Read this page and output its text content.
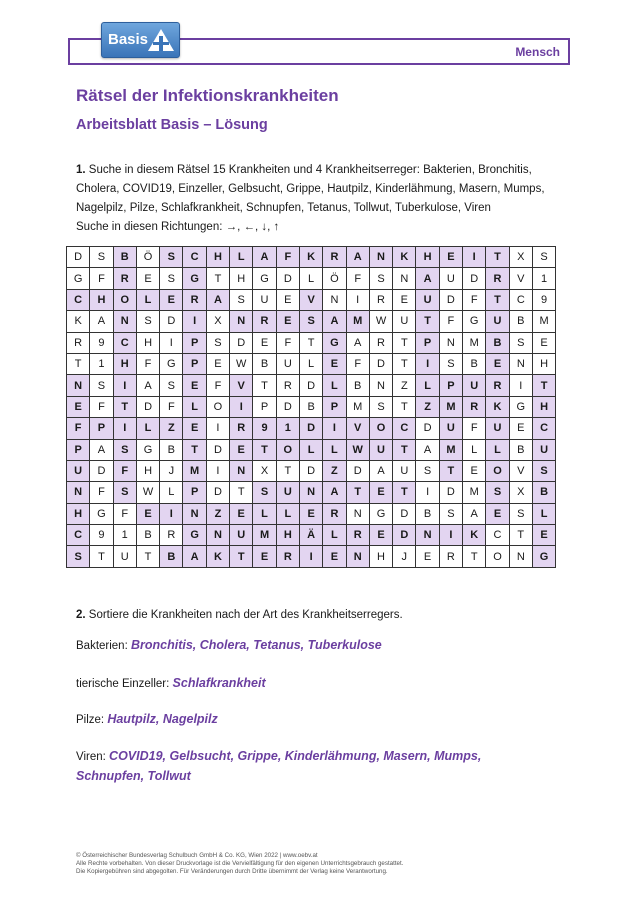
Mensch
Basis
Rätsel der Infektionskrankheiten
Arbeitsblatt Basis – Lösung
1. Suche in diesem Rätsel 15 Krankheiten und 4 Krankheitserreger: Bakterien, Bronchitis, Cholera, COVID19, Einzeller, Gelbsucht, Grippe, Hautpilz, Kinderlähmung, Masern, Mumps, Nagelpilz, Pilze, Schlafkrankheit, Schnupfen, Tetanus, Tollwut, Tuberkulose, Viren
Suche in diesen Richtungen: →, ←, ↓, ↑
D	S	B	Ö	S	C	H	L	A	F	K	R	A	N	K	H	E	I	T	X	S
G	F	R	E	S	G	T	H	G	D	L	Ö	F	S	N	A	U	D	R	V	1
C	H	O	L	E	R	A	S	U	E	V	N	I	R	E	U	D	F	T	C	9
K	A	N	S	D	I	X	N	R	E	S	A	M	W	U	T	F	G	U	B	M
R	9	C	H	I	P	S	D	E	F	T	G	A	R	T	P	N	M	B	S	E
T	1	H	F	G	P	E	W	B	U	L	E	F	D	T	I	S	B	E	N	H
N	S	I	A	S	E	F	V	T	R	D	L	B	N	Z	L	P	U	R	I	T
E	F	T	D	F	L	O	I	P	D	B	P	M	S	T	Z	M	R	K	G	H
F	P	I	L	Z	E	I	R	9	1	D	I	V	O	C	D	U	F	U	E	C
P	A	S	G	B	T	D	E	T	O	L	L	W	U	T	A	M	L	L	B	U
U	D	F	H	J	M	I	N	X	T	D	Z	D	A	U	S	T	E	O	V	S
N	F	S	W	L	P	D	T	S	U	N	A	T	E	T	I	D	M	S	X	B
H	G	F	E	I	N	Z	E	L	L	E	R	N	G	D	B	S	A	E	S	L
C	9	1	B	R	G	N	U	M	H	Ä	L	R	E	D	N	I	K	C	T	E
S	T	U	T	B	A	K	T	E	R	I	E	N	H	J	E	R	T	O	N	G
2. Sortiere die Krankheiten nach der Art des Krankheitserregers.
Bakterien: Bronchitis, Cholera, Tetanus, Tuberkulose
tierische Einzeller: Schlafkrankheit
Pilze: Hautpilz, Nagelpilz
Viren: COVID19, Gelbsucht, Grippe, Kinderlähmung, Masern, Mumps, Schnupfen, Tollwut
© Österreichischer Bundesverlag Schulbuch GmbH & Co. KG, Wien 2022 | www.oebv.at
Alle Rechte vorbehalten. Von dieser Druckvorlage ist die Vervielfältigung für den eigenen Unterrichtsgebrauch gestattet.
Die Kopiergebühren sind abgegolten. Für Veränderungen durch Dritte übernimmt der Verlag keine Verantwortung.
